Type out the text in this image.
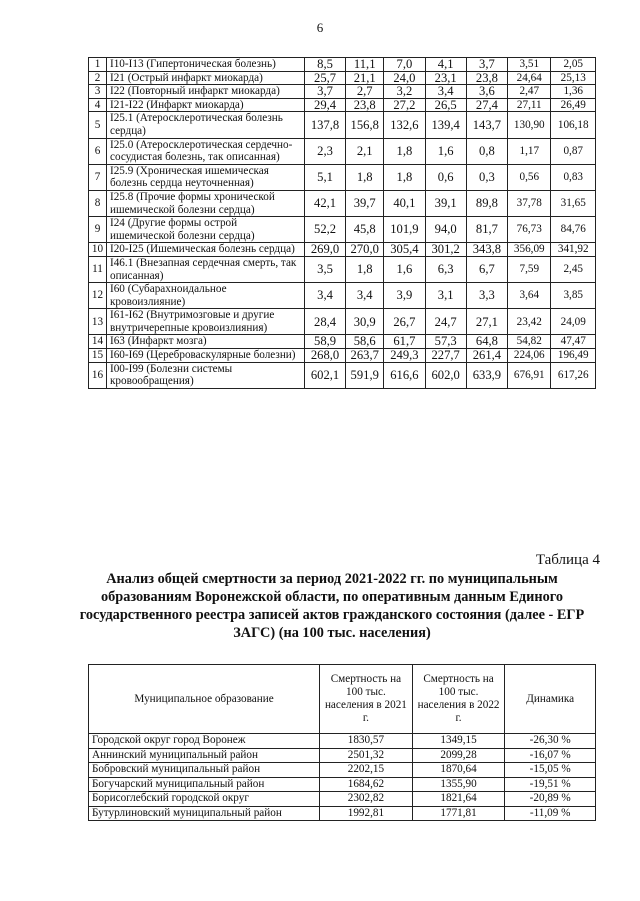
6
1	I10-I13 (Гипертоническая болезнь)	8,5	11,1	7,0	4,1	3,7	3,51	2,05
2	I21 (Острый инфаркт миокарда)	25,7	21,1	24,0	23,1	23,8	24,64	25,13
3	I22 (Повторный инфаркт миокарда)	3,7	2,7	3,2	3,4	3,6	2,47	1,36
4	I21-I22 (Инфаркт миокарда)	29,4	23,8	27,2	26,5	27,4	27,11	26,49
5	I25.1 (Атеросклеротическая болезнь сердца)	137,8	156,8	132,6	139,4	143,7	130,90	106,18
6	I25.0 (Атеросклеротическая сердечно-сосудистая болезнь, так описанная)	2,3	2,1	1,8	1,6	0,8	1,17	0,87
7	I25.9 (Хроническая ишемическая болезнь сердца неуточненная)	5,1	1,8	1,8	0,6	0,3	0,56	0,83
8	I25.8 (Прочие формы хронической ишемической болезни сердца)	42,1	39,7	40,1	39,1	89,8	37,78	31,65
9	I24 (Другие формы острой ишемической болезни сердца)	52,2	45,8	101,9	94,0	81,7	76,73	84,76
10	I20-I25 (Ишемическая болезнь сердца)	269,0	270,0	305,4	301,2	343,8	356,09	341,92
11	I46.1 (Внезапная сердечная смерть, так описанная)	3,5	1,8	1,6	6,3	6,7	7,59	2,45
12	I60 (Субарахноидальное кровоизлияние)	3,4	3,4	3,9	3,1	3,3	3,64	3,85
13	I61-I62 (Внутримозговые и другие внутричерепные кровоизлияния)	28,4	30,9	26,7	24,7	27,1	23,42	24,09
14	I63 (Инфаркт мозга)	58,9	58,6	61,7	57,3	64,8	54,82	47,47
15	I60-I69 (Цереброваскулярные болезни)	268,0	263,7	249,3	227,7	261,4	224,06	196,49
16	I00-I99 (Болезни системы кровообращения)	602,1	591,9	616,6	602,0	633,9	676,91	617,26
Таблица 4
Анализ общей смертности за период 2021-2022 гг. по муниципальным образованиям Воронежской области, по оперативным данным Единого государственного реестра записей актов гражданского состояния (далее - ЕГР ЗАГС) (на 100 тыс. населения)
Муниципальное образование	Смертность на 100 тыс. населения в 2021 г.	Смертность на 100 тыс. населения в 2022 г.	Динамика
Городской округ город Воронеж	1830,57	1349,15	-26,30 %
Аннинский муниципальный район	2501,32	2099,28	-16,07 %
Бобровский муниципальный район	2202,15	1870,64	-15,05 %
Богучарский муниципальный район	1684,62	1355,90	-19,51 %
Борисоглебский городской округ	2302,82	1821,64	-20,89 %
Бутурлиновский муниципальный район	1992,81	1771,81	-11,09 %
